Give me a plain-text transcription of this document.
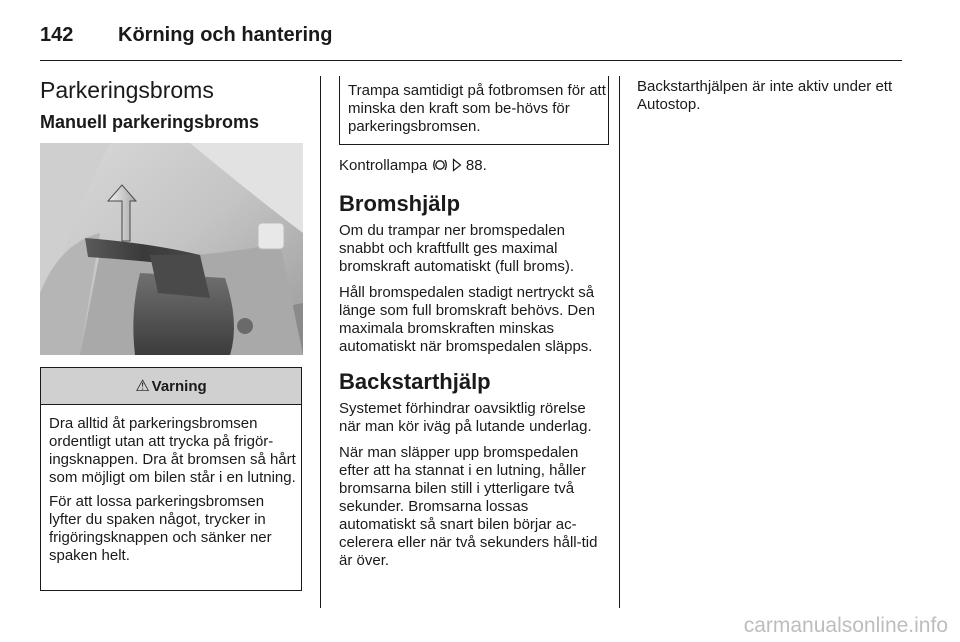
142 Körning och hantering
Parkeringsbroms
Manuell parkeringsbroms
⚠ Varning

Dra alltid åt parkeringsbromsen ordentligt utan att trycka på frigör-ingsknappen. Dra åt bromsen så hårt som möjligt om bilen står i en lutning.

För att lossa parkeringsbromsen lyfter du spaken något, trycker in frigöringsknappen och sänker ner spaken helt.

Trampa samtidigt på fotbromsen för att minska den kraft som be-hövs för parkeringsbromsen.

Kontrollampa	88.

Bromshjälp

Om du trampar ner bromspedalen snabbt och kraftfullt ges maximal bromskraft automatiskt (full broms).

Håll bromspedalen stadigt nertryckt så länge som full bromskraft behövs. Den maximala bromskraften minskas automatiskt när bromspedalen släpps.

Backstarthjälp

Systemet förhindrar oavsiktlig rörelse när man kör iväg på lutande underlag.

När man släpper upp bromspedalen efter att ha stannat i en lutning, håller bromsarna bilen still i ytterligare två sekunder. Bromsarna lossas automatiskt så snart bilen börjar ac-celerera eller när två sekunders håll-tid är över.

Backstarthjälpen är inte aktiv under ett Autostop.

carmanualsonline.info
